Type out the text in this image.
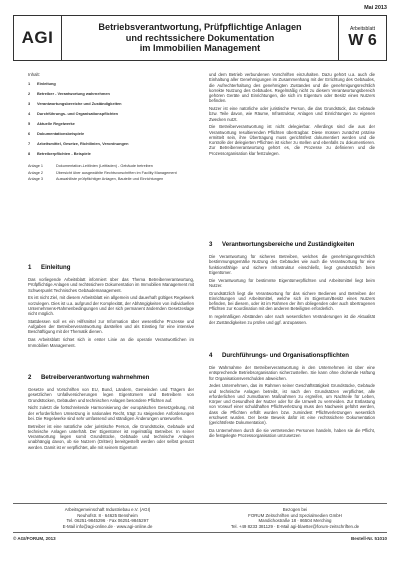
Mai 2013
AGI
Betriebsverantwortung, Prüfpflichtige Anlagen
und rechtssichere Dokumentation
im Immobilien Management
Arbeitsblatt
W 6
Inhalt:
1	Einleitung
2	Betreiber - Verantwortung wahrnehmen
3	Verantwortungsbereiche und Zuständigkeiten
4	Durchführungs- und Organisationspflichten
5	Aktuelle Regelwerke
6	Dokumentationsbeispiele
7	Arbeitsmittel, Gesetze, Richtlinien, Verordnungen
8	Betreiberpflichten - Beispiele
Anlage 1	Dokumentation-Leitlinien (Leitfaden) - Gebäude betreiben
Anlage 2	Übersicht über ausgewählte Rechtsvorschriften im Facility Management
Anlage 3	Auswahlliste prüfpflichtiger Anlagen, Bauteile und Einrichtungen
1	Einleitung

Das vorliegende Arbeitsblatt informiert über das Thema Betreiberverantwortung, Prüfpflichtige Anlagen und rechtssichere Dokumentation im Immobilien Management mit Schwerpunkt Technisches Gebäudemanagement.

Es ist nicht Ziel, mit diesem Arbeitsblatt ein allgemein und dauerhaft gültiges Regelwerk vorzulegen. Dies ist u.a. aufgrund der Komplexität, der Abhängigkeiten von individuellen Unternehmens-Rahmenbedingungen und der sich permanent ändernden Gesetzeslage nicht möglich.

Stattdessen soll es ein Hilfsmittel zur Information über wesentliche Prozesse und Aufgaben der Betreiberverantwortung darstellen und als Einstieg für eine intensive Beschäftigung mit der Thematik dienen.

Das Arbeitsblatt richtet sich in erster Linie an die operativ Verantwortlichen im Immobilien Management.

2	Betreiberverantwortung wahrnehmen

Gesetze und Vorschriften von EU, Bund, Ländern, Gemeinden und Trägern der gesetzlichen Unfallversicherungen legen Eigentümern und Betreibern von Grundstücken, Gebäuden und technischen Anlagen besondere Pflichten auf.

Nicht zuletzt die fortschreitende Harmonisierung der europäischen Gesetzgebung, mit der erforderlichen Umsetzung in nationales Recht, trägt zu steigenden Anforderungen bei. Die Regelwerke sind sehr umfassend und ständigen Änderungen unterworfen.

Betreiber ist eine natürliche oder juristische Person, die Grundstücke, Gebäude und technische Anlagen unterhält. Der Eigentümer ist regelmäßig Betreiber. In seiner Verantwortung liegen somit Grundstücke, Gebäude und technische Anlagen unabhängig davon, ob sie Nutzern (Dritten) bereitgestellt werden oder selbst genutzt werden. Damit ist er verpflichtet, alle mit seinem Eigentum

und dem Betrieb verbundenen Vorschriften einzuhalten. Dazu gehört u.a. auch die Einhaltung aller Genehmigungen im Zusammenhang mit der Errichtung des Gebäudes, die Aufrechterhaltung des genehmigten Zustandes und die genehmigungsrechtlich korrekte Nutzung des Gebäudes. Regelmäßig nicht zu diesem Verantwortungsbereich gehören Geräte und Einrichtungen, die sich im Eigentum oder Besitz eines Nutzers befinden.

Nutzer ist eine natürliche oder juristische Person, die das Grundstück, das Gebäude bzw. Teile davon, wie Räume, Infrastruktur, Anlagen und Einrichtungen zu eigenen Zwecken nutzt.

Die Betreiberverantwortung ist nicht delegierbar. Allerdings sind die aus der Verantwortung resultierenden Pflichten übertragbar. Diese müssen zunächst präzise ermittelt sein, ihre Übertragung muss gerichtsfest dokumentiert werden und die Kontrolle der delegierten Pflichten ist sicher zu stellen und ebenfalls zu dokumentieren. Zur Betreiberverantwortung gehört es, die Prozesse zu definieren und die Prozessorganisation klar festzulegen.

3	Verantwortungsbereiche und Zuständigkeiten

Die Verantwortung für sicheres Betreiben, welches die genehmigungsrechtlich bestimmungsgemäße Nutzung des Gebäudes wie auch die Verantwortung für eine funktionsfähige und sichere Infrastruktur einschließt, liegt grundsätzlich beim Eigentümer.

Die Verantwortung für bestimmte Eigentümerpflichten und Arbeitsmittel liegt beim Nutzer.

Grundsätzlich liegt die Verantwortung für das sichere Bedienen und Betreiben der Einrichtungen und Arbeitsmittel, welche sich im Eigentum/Besitz eines Nutzers befinden, bei diesem, oder ist im Rahmen der ihm obliegenden oder auch übertragenen Pflichten zur Koordination mit den anderen Beteiligten erforderlich.

In regelmäßigen Abständen oder nach wesentlichen Veränderungen ist die Aktualität der Zuständigkeiten zu prüfen und ggf. anzupassen.

4	Durchführungs- und Organisationspflichten

Die Wahrnahme der Betreiberverantwortung in den Unternehmen ist über eine entsprechende Betriebsorganisation sicherzustellen. Sie kann ohne drohende Haftung für Organisationsverschulden abweichen.

Jedes Unternehmen, das im Rahmen seiner Geschäftstätigkeit Grundstücke, Gebäude und technische Anlagen betreibt, ist nach den Grundsätzen verpflichtet, alle erforderlichen und zumutbaren Maßnahmen zu ergreifen, um Nachteile für Leben, Körper und Gesundheit der Nutzer oder für die Umwelt zu vermeiden. Zur Entlastung von Vorwurf einer schuldhaften Pflichtverletzung muss den Nachweis geführt werden, dass die Pflichten erfüllt wurden bzw. zumindest Pflichtverletzungen wesentlich erschwert wurden. Der beste Beweis dafür ist eine rechtssichere Dokumentation (gerichtsfeste Dokumentation).

Da Unternehmen durch die sie vertretenden Personen handeln, haben sie die Pflicht, die festgelegte Prozessorganisation umzusetzen

Arbeitsgemeinschaft Industriebau e.V. (AGI)
Neuhofstr. 8 · 64625 Bensheim
Tel. 06251-9845296 · Fax 06251-9845297
E-Mail info@agi-online.de · www.agi-online.de
Bezogen bei
FORUM Zeitschriften und Spezialmedien GmbH
Mandichostraße 18 · 86504 Merching
Tel. +49 8233 381129 · E-Mail agi-blaetter@forum-zeitschriften.de
© AGI/FORUM, 2013	Bestell-Nr. 51010
